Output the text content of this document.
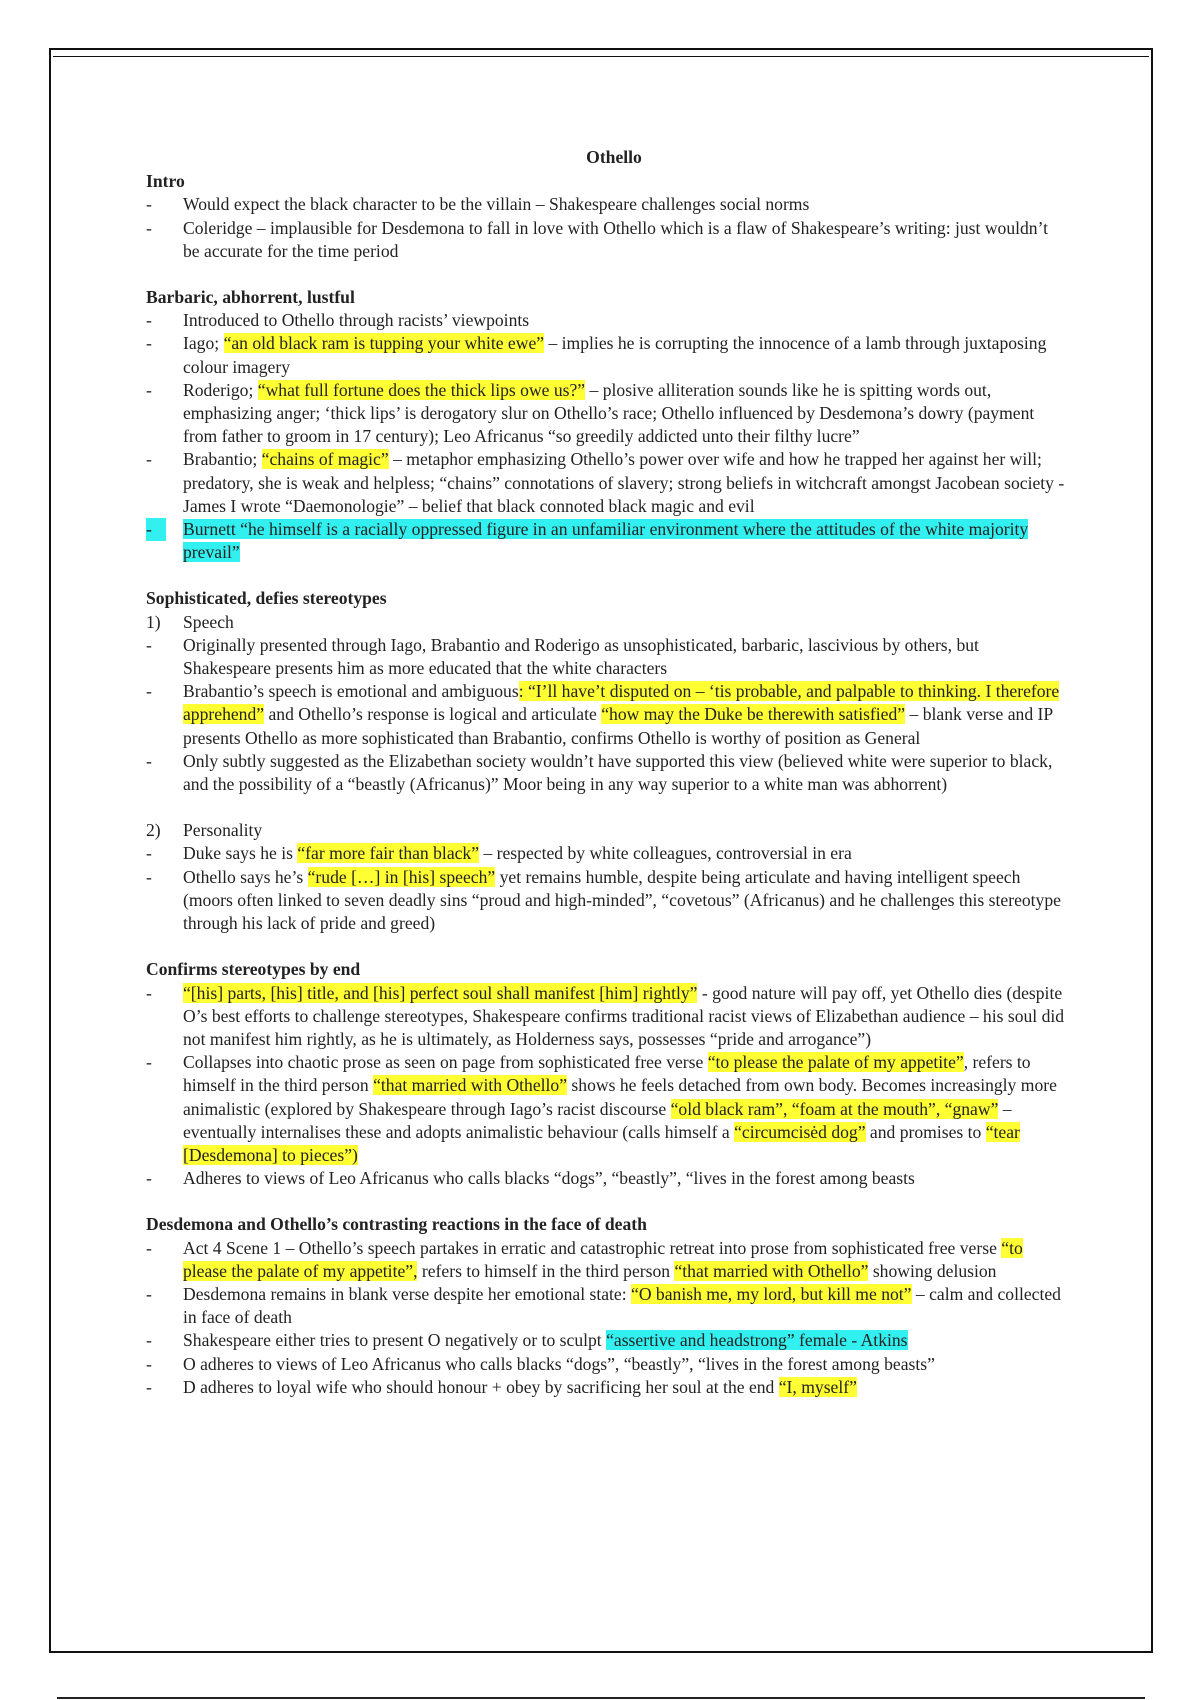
Othello
Intro
-	Would expect the black character to be the villain – Shakespeare challenges social norms
-	Coleridge – implausible for Desdemona to fall in love with Othello which is a flaw of Shakespeare’s writing: just wouldn’t be accurate for the time period
Barbaric, abhorrent, lustful
-	Introduced to Othello through racists’ viewpoints
-	Iago; “an old black ram is tupping your white ewe” – implies he is corrupting the innocence of a lamb through juxtaposing colour imagery
-	Roderigo; “what full fortune does the thick lips owe us?” – plosive alliteration sounds like he is spitting words out, emphasizing anger; ‘thick lips’ is derogatory slur on Othello’s race; Othello influenced by Desdemona’s dowry (payment from father to groom in 17 century); Leo Africanus “so greedily addicted unto their filthy lucre”
-	Brabantio; “chains of magic” – metaphor emphasizing Othello’s power over wife and how he trapped her against her will; predatory, she is weak and helpless; “chains” connotations of slavery; strong beliefs in witchcraft amongst Jacobean society - James I wrote “Daemonologie” – belief that black connoted black magic and evil
-	Burnett “he himself is a racially oppressed figure in an unfamiliar environment where the attitudes of the white majority prevail”
Sophisticated, defies stereotypes
1) Speech
-	Originally presented through Iago, Brabantio and Roderigo as unsophisticated, barbaric, lascivious by others, but Shakespeare presents him as more educated that the white characters
-	Brabantio’s speech is emotional and ambiguous: “I’ll have’t disputed on – ‘tis probable, and palpable to thinking. I therefore apprehend” and Othello’s response is logical and articulate “how may the Duke be therewith satisfied” – blank verse and IP presents Othello as more sophisticated than Brabantio, confirms Othello is worthy of position as General
-	Only subtly suggested as the Elizabethan society wouldn’t have supported this view (believed white were superior to black, and the possibility of a “beastly (Africanus)” Moor being in any way superior to a white man was abhorrent)
2) Personality
-	Duke says he is “far more fair than black” – respected by white colleagues, controversial in era
-	Othello says he’s “rude […] in [his] speech” yet remains humble, despite being articulate and having intelligent speech (moors often linked to seven deadly sins “proud and high-minded”, “covetous” (Africanus) and he challenges this stereotype through his lack of pride and greed)
Confirms stereotypes by end
-	“[his] parts, [his] title, and [his] perfect soul shall manifest [him] rightly” - good nature will pay off, yet Othello dies (despite O’s best efforts to challenge stereotypes, Shakespeare confirms traditional racist views of Elizabethan audience – his soul did not manifest him rightly, as he is ultimately, as Holderness says, possesses “pride and arrogance”)
-	Collapses into chaotic prose as seen on page from sophisticated free verse “to please the palate of my appetite”, refers to himself in the third person “that married with Othello” shows he feels detached from own body. Becomes increasingly more animalistic (explored by Shakespeare through Iago’s racist discourse “old black ram”, “foam at the mouth”, “gnaw” – eventually internalises these and adopts animalistic behaviour (calls himself a “circumcisėd dog” and promises to “tear [Desdemona] to pieces”)
-	Adheres to views of Leo Africanus who calls blacks “dogs”, “beastly”, “lives in the forest among beasts
Desdemona and Othello’s contrasting reactions in the face of death
-	Act 4 Scene 1 – Othello’s speech partakes in erratic and catastrophic retreat into prose from sophisticated free verse “to please the palate of my appetite”, refers to himself in the third person “that married with Othello” showing delusion
-	Desdemona remains in blank verse despite her emotional state: “O banish me, my lord, but kill me not” – calm and collected in face of death
-	Shakespeare either tries to present O negatively or to sculpt “assertive and headstrong” female - Atkins
-	O adheres to views of Leo Africanus who calls blacks “dogs”, “beastly”, “lives in the forest among beasts”
-	D adheres to loyal wife who should honour + obey by sacrificing her soul at the end “I, myself”
